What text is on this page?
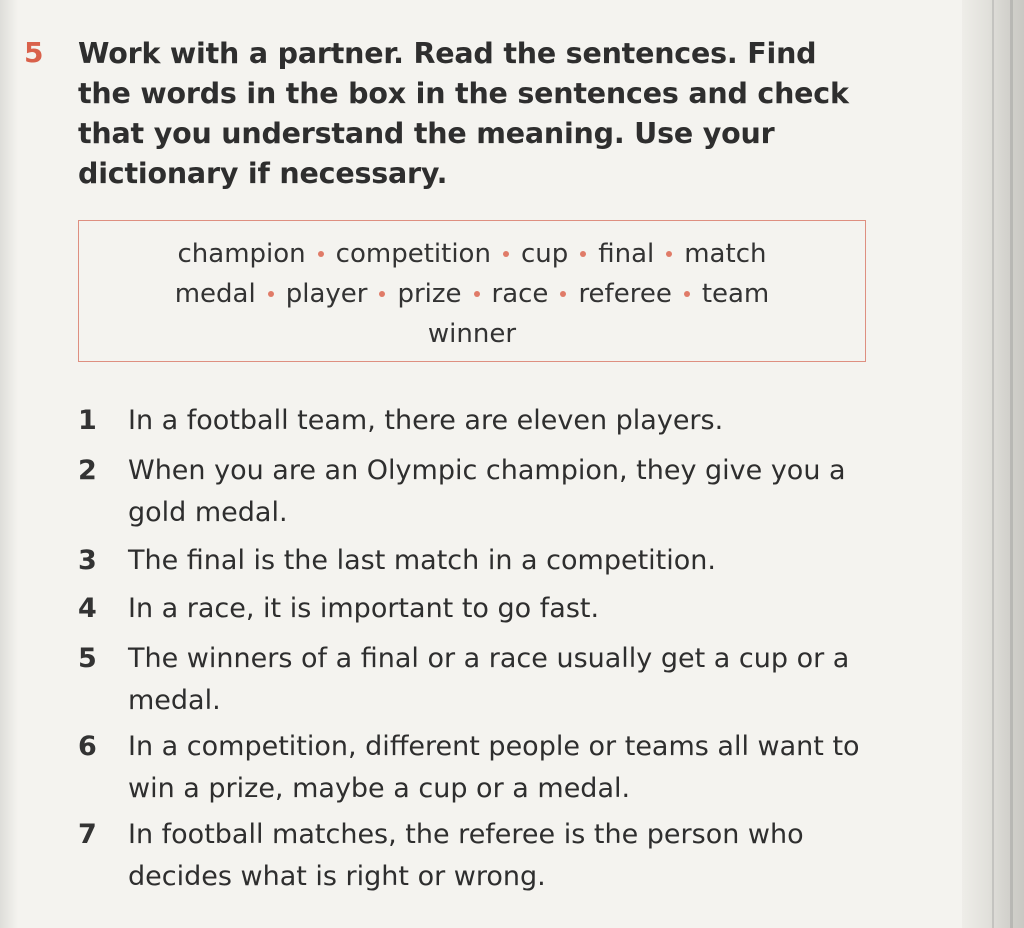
5 Work with a partner. Read the sentences. Find the words in the box in the sentences and check that you understand the meaning. Use your dictionary if necessary.
champion competition cup final match
medal player prize race referee team
winner
1	In a football team, there are eleven players.
2	When you are an Olympic champion, they give you a gold medal.
3	The final is the last match in a competition.
4	In a race, it is important to go fast.
5	The winners of a final or a race usually get a cup or a medal.
6	In a competition, different people or teams all want to win a prize, maybe a cup or a medal.
7	In football matches, the referee is the person who decides what is right or wrong.
